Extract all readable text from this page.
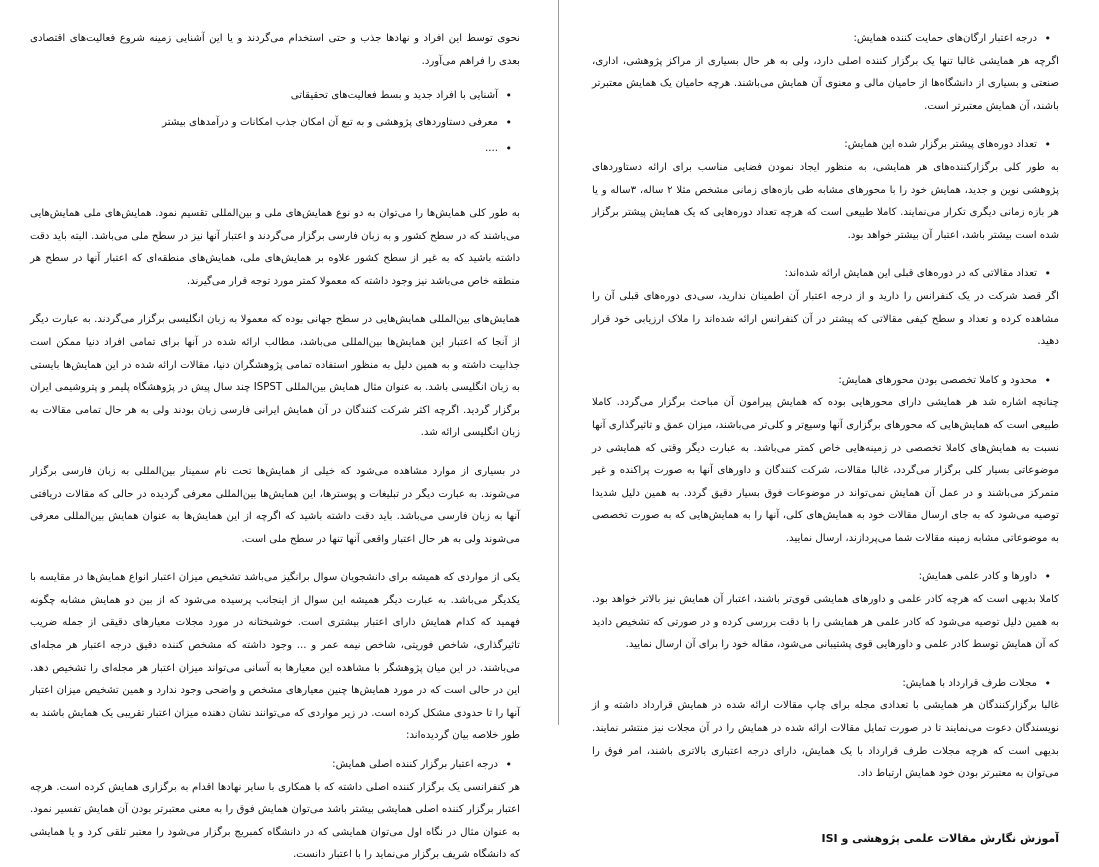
نحوی توسط این افراد و نهادها جذب و حتی استخدام می‌گردند و یا این آشنایی زمینه شروع فعالیت‌های اقتصادی بعدی را فراهم می‌آورد.

• آشنایی با افراد جدید و بسط فعالیت‌های تحقیقاتی
• معرفی دستاوردهای پژوهشی و به تبع آن امکان جذب امکانات و درآمدهای بیشتر
• ....

به طور کلی همایش‌ها را می‌توان به دو نوع همایش‌های ملی و بین‌المللی تقسیم نمود. همایش‌های ملی همایش‌هایی می‌باشند که در سطح کشور و به زبان فارسی برگزار می‌گردند و اعتبار آنها نیز در سطح ملی می‌باشد. البته باید دقت داشته باشید که به غیر از سطح کشور علاوه بر همایش‌های ملی، همایش‌های منطقه‌ای که اعتبار آنها در سطح هر منطقه خاص می‌باشد نیز وجود داشته که معمولا کمتر مورد توجه قرار می‌گیرند.

همایش‌های بین‌المللی همایش‌هایی در سطح جهانی بوده که معمولا به زبان انگلیسی برگزار می‌گردند. به عبارت دیگر از آنجا که اعتبار این همایش‌ها بین‌المللی می‌باشد، مطالب ارائه شده در آنها برای تمامی افراد دنیا ممکن است جذابیت داشته و به همین دلیل به منظور استفاده تمامی پژوهشگران دنیا، مقالات ارائه شده در این همایش‌ها بایستی به زبان انگلیسی باشد. به عنوان مثال همایش بین‌المللی ISPST چند سال پیش در پژوهشگاه پلیمر و پتروشیمی ایران برگزار گردید. اگرچه اکثر شرکت کنندگان در آن همایش ایرانی فارسی زبان بودند ولی به هر حال تمامی مقالات به زبان انگلیسی ارائه شد.

در بسیاری از موارد مشاهده می‌شود که خیلی از همایش‌ها تحت نام سمینار بین‌المللی به زبان فارسی برگزار می‌شوند. به عبارت دیگر در تبلیغات و پوسترها، این همایش‌ها بین‌المللی معرفی گردیده در حالی که مقالات دریافتی آنها به زبان فارسی می‌باشد. باید دقت داشته باشید که اگرچه از این همایش‌ها به عنوان همایش بین‌المللی معرفی می‌شوند ولی به هر حال اعتبار واقعی آنها تنها در سطح ملی است.

یکی از مواردی که همیشه برای دانشجویان سوال برانگیز می‌باشد تشخیص میزان اعتبار انواع همایش‌ها در مقایسه با یکدیگر می‌باشد. به عبارت دیگر همیشه این سوال از اینجانب پرسیده می‌شود که از بین دو همایش مشابه چگونه فهمید که کدام همایش دارای اعتبار بیشتری است. خوشبختانه در مورد مجلات معیارهای دقیقی از جمله ضریب تاثیرگذاری، شاخص فوریتی، شاخص نیمه عمر و ... وجود داشته که مشخص کننده دقیق درجه اعتبار هر مجله‌ای می‌باشند. در این میان پژوهشگر با مشاهده این معیارها به آسانی می‌تواند میزان اعتبار هر مجله‌ای را تشخیص دهد. این در حالی است که در مورد همایش‌ها چنین معیارهای مشخص و واضحی وجود ندارد و همین تشخیص میزان اعتبار آنها را تا حدودی مشکل کرده است. در زیر مواردی که می‌توانند نشان دهنده میزان اعتبار تقریبی یک همایش باشند به طور خلاصه بیان گردیده‌اند:

• درجه اعتبار برگزار کننده اصلی همایش:

هر کنفرانسی یک برگزار کننده اصلی داشته که با همکاری با سایر نهادها اقدام به برگزاری همایش کرده است. هرچه اعتبار برگزار کننده اصلی همایشی بیشتر باشد می‌توان همایش فوق را به معنی معتبرتر بودن آن همایش تفسیر نمود. به عنوان مثال در نگاه اول می‌توان همایشی که در دانشگاه کمبریج برگزار می‌شود را معتبر تلقی کرد و یا همایشی که دانشگاه شریف برگزار می‌نماید را با اعتبار دانست.

• درجه اعتبار ارگان‌های حمایت کننده همایش:

اگرچه هر همایشی غالبا تنها یک برگزار کننده اصلی دارد، ولی به هر حال بسیاری از مراکز پژوهشی، اداری، صنعتی و بسیاری از دانشگاه‌ها از حامیان مالی و معنوی آن همایش می‌باشند. هرچه حامیان یک همایش معتبرتر باشند، آن همایش معتبرتر است.

• تعداد دوره‌های پیشتر برگزار شده این همایش:

به طور کلی برگزارکننده‌های هر همایشی، به منظور ایجاد نمودن فضایی مناسب برای ارائه دستاوردهای پژوهشی نوین و جدید، همایش خود را با محورهای مشابه طی بازه‌های زمانی مشخص مثلا ۲ ساله، ۳ساله و یا هر بازه زمانی دیگری تکرار می‌نمایند. کاملا طبیعی است که هرچه تعداد دوره‌هایی که یک همایش پیشتر برگزار شده است بیشتر باشد، اعتبار آن بیشتر خواهد بود.

• تعداد مقالاتی که در دوره‌های قبلی این همایش ارائه شده‌اند:

اگر قصد شرکت در یک کنفرانس را دارید و از درجه اعتبار آن اطمینان ندارید، سی‌دی دوره‌های قبلی آن را مشاهده کرده و تعداد و سطح کیفی مقالاتی که پیشتر در آن کنفرانس ارائه شده‌اند را ملاک ارزیابی خود قرار دهید.

• محدود و کاملا تخصصی بودن محورهای همایش:

چنانچه اشاره شد هر همایشی دارای محورهایی بوده که همایش پیرامون آن مباحث برگزار می‌گردد. کاملا طبیعی است که همایش‌هایی که محورهای برگزاری آنها وسیع‌تر و کلی‌تر می‌باشند، میزان عمق و تاثیرگذاری آنها نسبت به همایش‌های کاملا تخصصی در زمینه‌هایی خاص کمتر می‌باشد. به عبارت دیگر وقتی که همایشی در موضوعاتی بسیار کلی برگزار می‌گردد، غالبا مقالات، شرکت کنندگان و داورهای آنها به صورت پراکنده و غیر متمرکز می‌باشند و در عمل آن همایش نمی‌تواند در موضوعات فوق بسیار دقیق گردد. به همین دلیل شدیدا توصیه می‌شود که به جای ارسال مقالات خود به همایش‌های کلی، آنها را به همایش‌هایی که به صورت تخصصی به موضوعاتی مشابه زمینه مقالات شما می‌پردازند، ارسال نمایید.

• داورها و کادر علمی همایش:

کاملا بدیهی است که هرچه کادر علمی و داورهای همایشی قوی‌تر باشند، اعتبار آن همایش نیز بالاتر خواهد بود. به همین دلیل توصیه می‌شود که کادر علمی هر همایشی را با دقت بررسی کرده و در صورتی که تشخیص دادید که آن همایش توسط کادر علمی و داورهایی قوی پشتیبانی می‌شود، مقاله خود را برای آن ارسال نمایید.

• مجلات طرف قرارداد با همایش:

غالبا برگزارکنندگان هر همایشی با تعدادی مجله برای چاپ مقالات ارائه شده در همایش قرارداد داشته و از نویسندگان دعوت می‌نمایند تا در صورت تمایل مقالات ارائه شده در همایش را در آن مجلات نیز منتشر نمایند. بدیهی است که هرچه مجلات طرف قرارداد با یک همایش، دارای درجه اعتباری بالاتری باشند، امر فوق را می‌توان به معتبرتر بودن خود همایش ارتباط داد.

آموزش نگارش مقالات علمی پژوهشی و ISI
